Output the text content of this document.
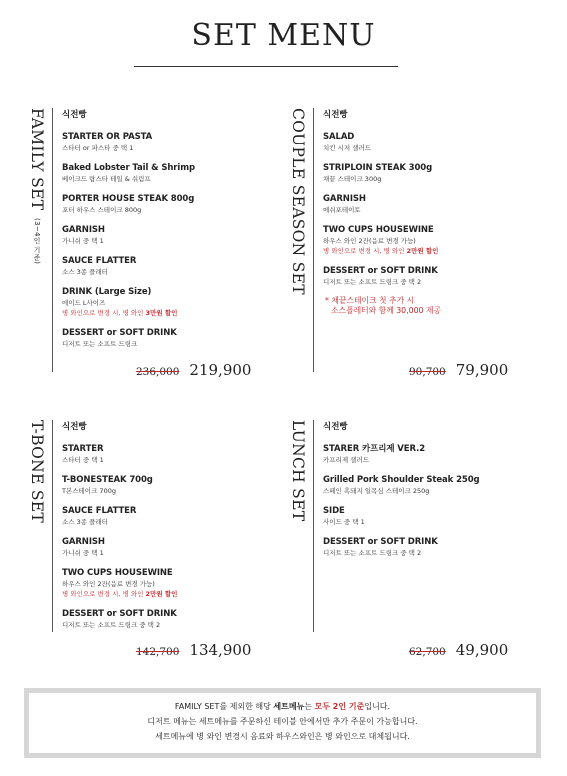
SET MENU
FAMILY SET(3~4인 기준)
식전빵
STARTER OR PASTA
스타터 or 파스타 중 택 1
Baked Lobster Tail & Shrimp
베이크드 랍스타 테일 & 쉬림프
PORTER HOUSE STEAK 800g
포터 하우스 스테이크 800g
GARNISH
가니쉬 중 택 1
SAUCE FLATTER
소스 3종 플래터
DRINK (Large Size)
에이드 L사이즈
병 와인으로 변경 시, 병 와인 3만원 할인
DESSERT or SOFT DRINK
디저트 또는 소프트 드링크
236,000 219,900
COUPLE SEASON SET 식전빵
SALAD
치킨 시저 샐러드
STRIPLOIN STEAK 300g
채끝 스테이크 300g
GARNISH
메쉬포테이토
TWO CUPS HOUSEWINE
하우스 와인 2잔(음료 변경 가능)
병 와인으로 변경 시, 병 와인 2만원 할인
DESSERT or SOFT DRINK
디저트 또는 소프트 드링크 중 택 2
* 채끝스테이크 첫 추가 시
소스플레터와 함께 30,000 제공
90,700 79,900
T-BONE SET 식전빵
STARTER
스타터 중 택 1
T-BONESTEAK 700g
T본스테이크 700g
SAUCE FLATTER
소스 3종 플래터
GARNISH
가니쉬 중 택 1
TWO CUPS HOUSEWINE
하우스 와인 2잔(음료 변경 가능)
병 와인으로 변경 시, 병 와인 2만원 할인
DESSERT or SOFT DRINK
디저트 또는 소프트 드링크 중 택 2
142,700 134,900
LUNCH SET 식전빵
STARER 카프리제 VER.2
카프리제 샐러드
Grilled Pork Shoulder Steak 250g
스페인 흑돼지 일목심 스테이크 250g
SIDE
사이드 중 택 1
DESSERT or SOFT DRINK
디저트 또는 소프트 드링크 중 택 2
62,700 49,900
FAMILY SET를 제외한 해당 세트메뉴는 모두 2인 기준입니다.
디저트 메뉴는 세트메뉴를 주문하신 테이블 안에서만 추가 주문이 가능합니다.
세트메뉴에 병 와인 변경시 음료와 하우스와인은 병 와인으로 대체됩니다.
